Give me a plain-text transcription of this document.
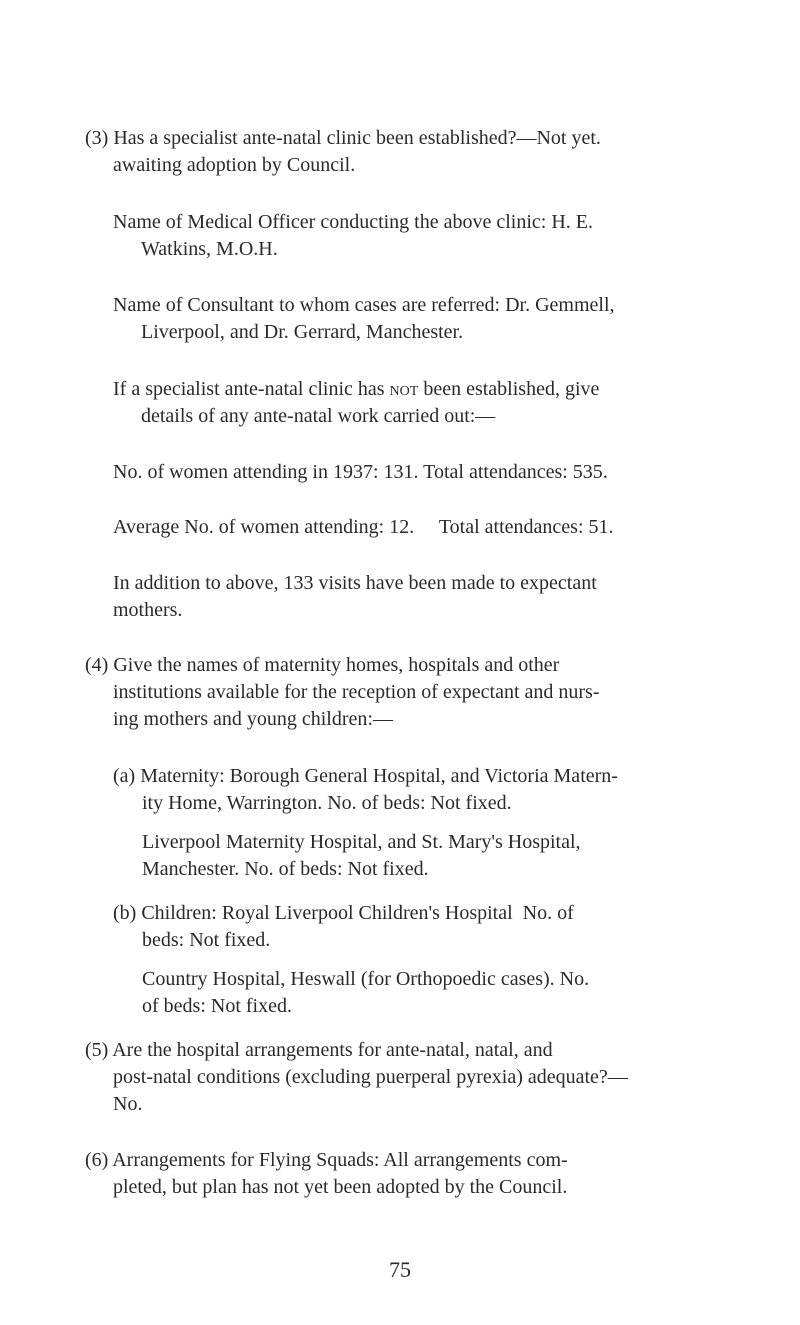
(3) Has a specialist ante-natal clinic been established?—Not yet.
awaiting adoption by Council.
Name of Medical Officer conducting the above clinic: H. E.
Watkins, M.O.H.
Name of Consultant to whom cases are referred: Dr. Gemmell,
Liverpool, and Dr. Gerrard, Manchester.
If a specialist ante-natal clinic has not been established, give
details of any ante-natal work carried out:—
No. of women attending in 1937: 131. Total attendances: 535.
Average No. of women attending: 12.     Total attendances: 51.
In addition to above, 133 visits have been made to expectant
mothers.
(4) Give the names of maternity homes, hospitals and other
institutions available for the reception of expectant and nurs-
ing mothers and young children:—
(a) Maternity: Borough General Hospital, and Victoria Matern-
ity Home, Warrington. No. of beds: Not fixed.
Liverpool Maternity Hospital, and St. Mary's Hospital,
Manchester. No. of beds: Not fixed.
(b) Children: Royal Liverpool Children's Hospital  No. of
beds: Not fixed.
Country Hospital, Heswall (for Orthopoedic cases). No.
of beds: Not fixed.
(5) Are the hospital arrangements for ante-natal, natal, and
post-natal conditions (excluding puerperal pyrexia) adequate?—
No.
(6) Arrangements for Flying Squads: All arrangements com-
pleted, but plan has not yet been adopted by the Council.
75
